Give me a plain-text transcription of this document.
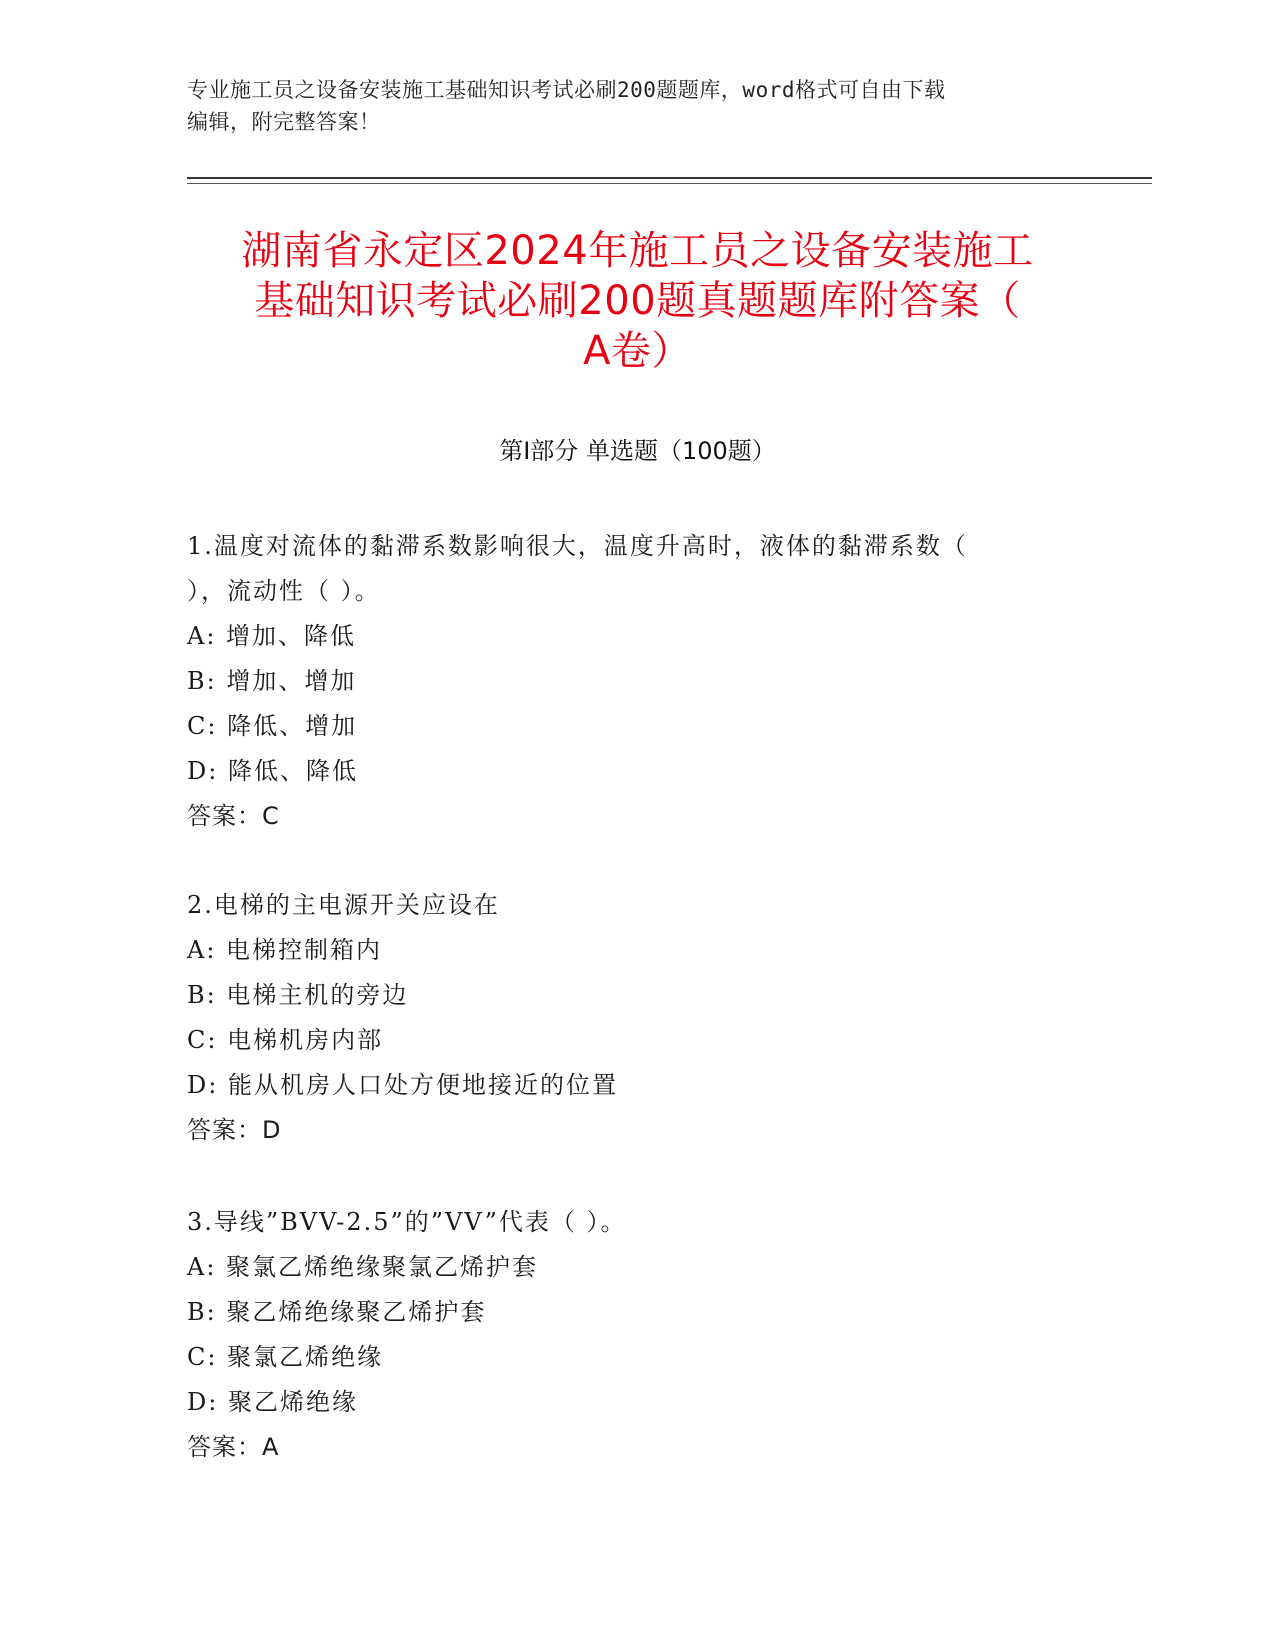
专业施工员之设备安装施工基础知识考试必刷200题题库，word格式可自由下载
编辑，附完整答案！
湖南省永定区2024年施工员之设备安装施工
基础知识考试必刷200题真题题库附答案（
A卷）
第Ⅰ部分 单选题（100题）
1.温度对流体的黏滞系数影响很大，温度升高时，液体的黏滞系数（
），流动性（ ）。
A: 增加、降低
B: 增加、增加
C: 降低、增加
D: 降低、降低
答案：C
2.电梯的主电源开关应设在
A: 电梯控制箱内
B: 电梯主机的旁边
C: 电梯机房内部
D: 能从机房人口处方便地接近的位置
答案：D
3.导线”BVV-2.5”的”VV”代表（ ）。
A: 聚氯乙烯绝缘聚氯乙烯护套
B: 聚乙烯绝缘聚乙烯护套
C: 聚氯乙烯绝缘
D: 聚乙烯绝缘
答案：A
